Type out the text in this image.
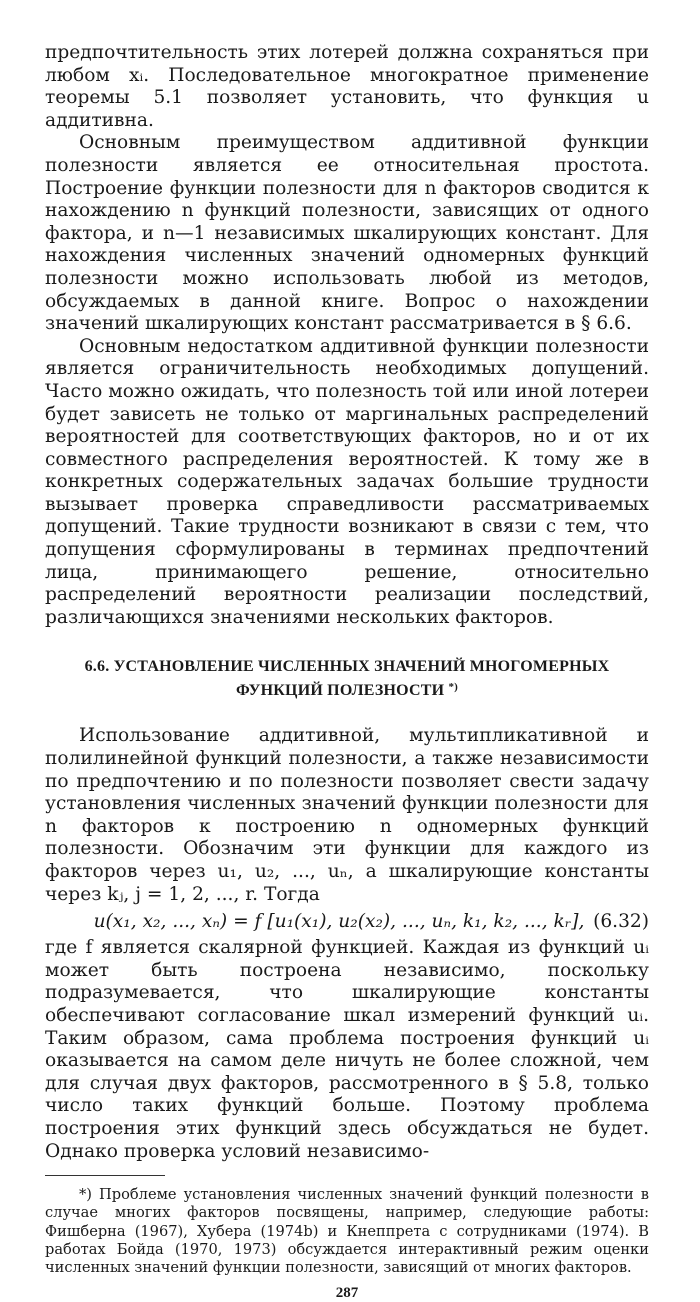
предпочтительность этих лотерей должна сохраняться при любом xᵢ. Последовательное многократное применение теоремы 5.1 позволяет установить, что функция u аддитивна.

Основным преимуществом аддитивной функции полезности является ее относительная простота. Построение функции полезности для n факторов сводится к нахождению n функций полезности, зависящих от одного фактора, и n—1 независимых шкалирующих констант. Для нахождения численных значений одномерных функций полезности можно использовать любой из методов, обсуждаемых в данной книге. Вопрос о нахождении значений шкалирующих констант рассматривается в § 6.6.

Основным недостатком аддитивной функции полезности является ограничительность необходимых допущений. Часто можно ожидать, что полезность той или иной лотереи будет зависеть не только от маргинальных распределений вероятностей для соответствующих факторов, но и от их совместного распределения вероятностей. К тому же в конкретных содержательных задачах большие трудности вызывает проверка справедливости рассматриваемых допущений. Такие трудности возникают в связи с тем, что допущения сформулированы в терминах предпочтений лица, принимающего решение, относительно распределений вероятности реализации последствий, различающихся значениями нескольких факторов.

6.6. УСТАНОВЛЕНИЕ ЧИСЛЕННЫХ ЗНАЧЕНИЙ МНОГОМЕРНЫХ
ФУНКЦИЙ ПОЛЕЗНОСТИ *)

Использование аддитивной, мультипликативной и полилинейной функций полезности, а также независимости по предпочтению и по полезности позволяет свести задачу установления численных значений функции полезности для n факторов к построению n одномерных функций полезности. Обозначим эти функции для каждого из факторов через u₁, u₂, ..., uₙ, а шкалирующие константы через kⱼ, j = 1, 2, ..., r. Тогда

u(x₁, x₂, ..., xₙ) = f [u₁(x₁), u₂(x₂), ..., uₙ, k₁, k₂, ..., kᵣ], (6.32)

где f является скалярной функцией. Каждая из функций uᵢ может быть построена независимо, поскольку подразумевается, что шкалирующие константы обеспечивают согласование шкал измерений функций uᵢ. Таким образом, сама проблема построения функций uᵢ оказывается на самом деле ничуть не более сложной, чем для случая двух факторов, рассмотренного в § 5.8, только число таких функций больше. Поэтому проблема построения этих функций здесь обсуждаться не будет. Однако проверка условий независимо-

*) Проблеме установления численных значений функций полезности в случае многих факторов посвящены, например, следующие работы: Фишберна (1967), Хубера (1974b) и Кнеппрета с сотрудниками (1974). В работах Бойда (1970, 1973) обсуждается интерактивный режим оценки численных значений функции полезности, зависящий от многих факторов.

287
